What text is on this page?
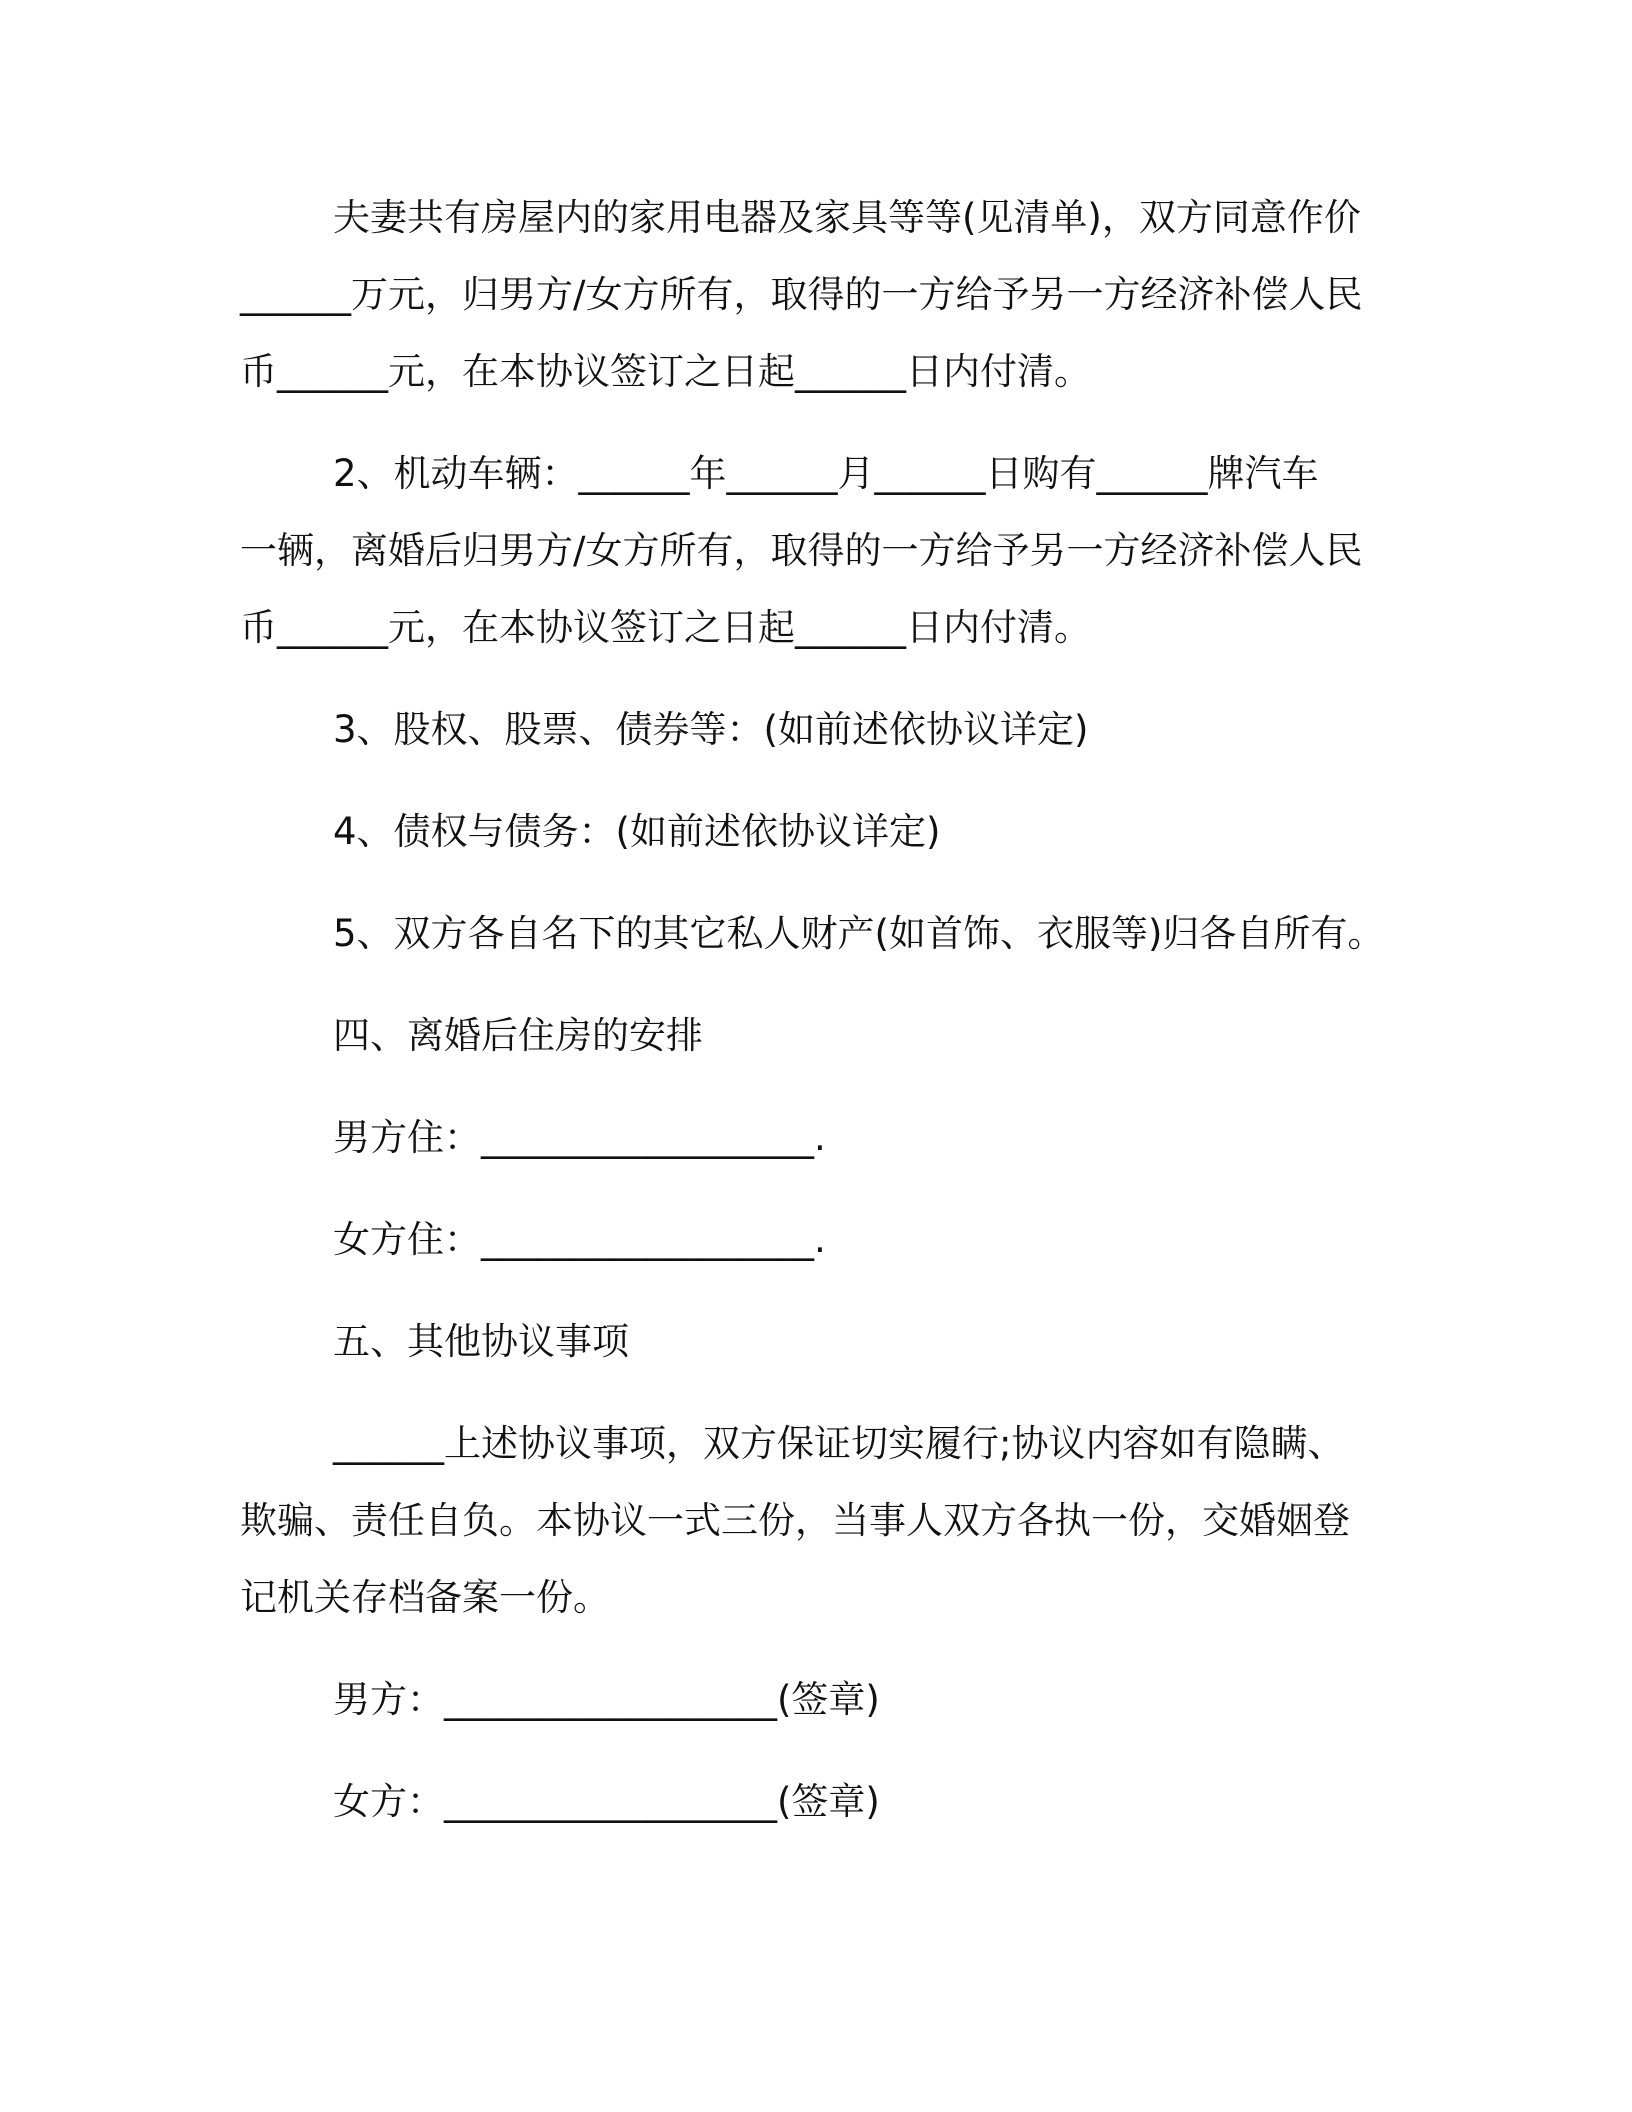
夫妻共有房屋内的家用电器及家具等等(见清单)，双方同意作价
______万元，归男方/女方所有，取得的一方给予另一方经济补偿人民
币______元，在本协议签订之日起______日内付清。
2、机动车辆：______年______月______日购有______牌汽车
一辆，离婚后归男方/女方所有，取得的一方给予另一方经济补偿人民
币______元，在本协议签订之日起______日内付清。
3、股权、股票、债券等：(如前述依协议详定)
4、债权与债务：(如前述依协议详定)
5、双方各自名下的其它私人财产(如首饰、衣服等)归各自所有。
四、离婚后住房的安排
男方住：__________________.
女方住：__________________.
五、其他协议事项
______上述协议事项，双方保证切实履行;协议内容如有隐瞒、
欺骗、责任自负。本协议一式三份，当事人双方各执一份，交婚姻登
记机关存档备案一份。
男方：__________________(签章)
女方：__________________(签章)
